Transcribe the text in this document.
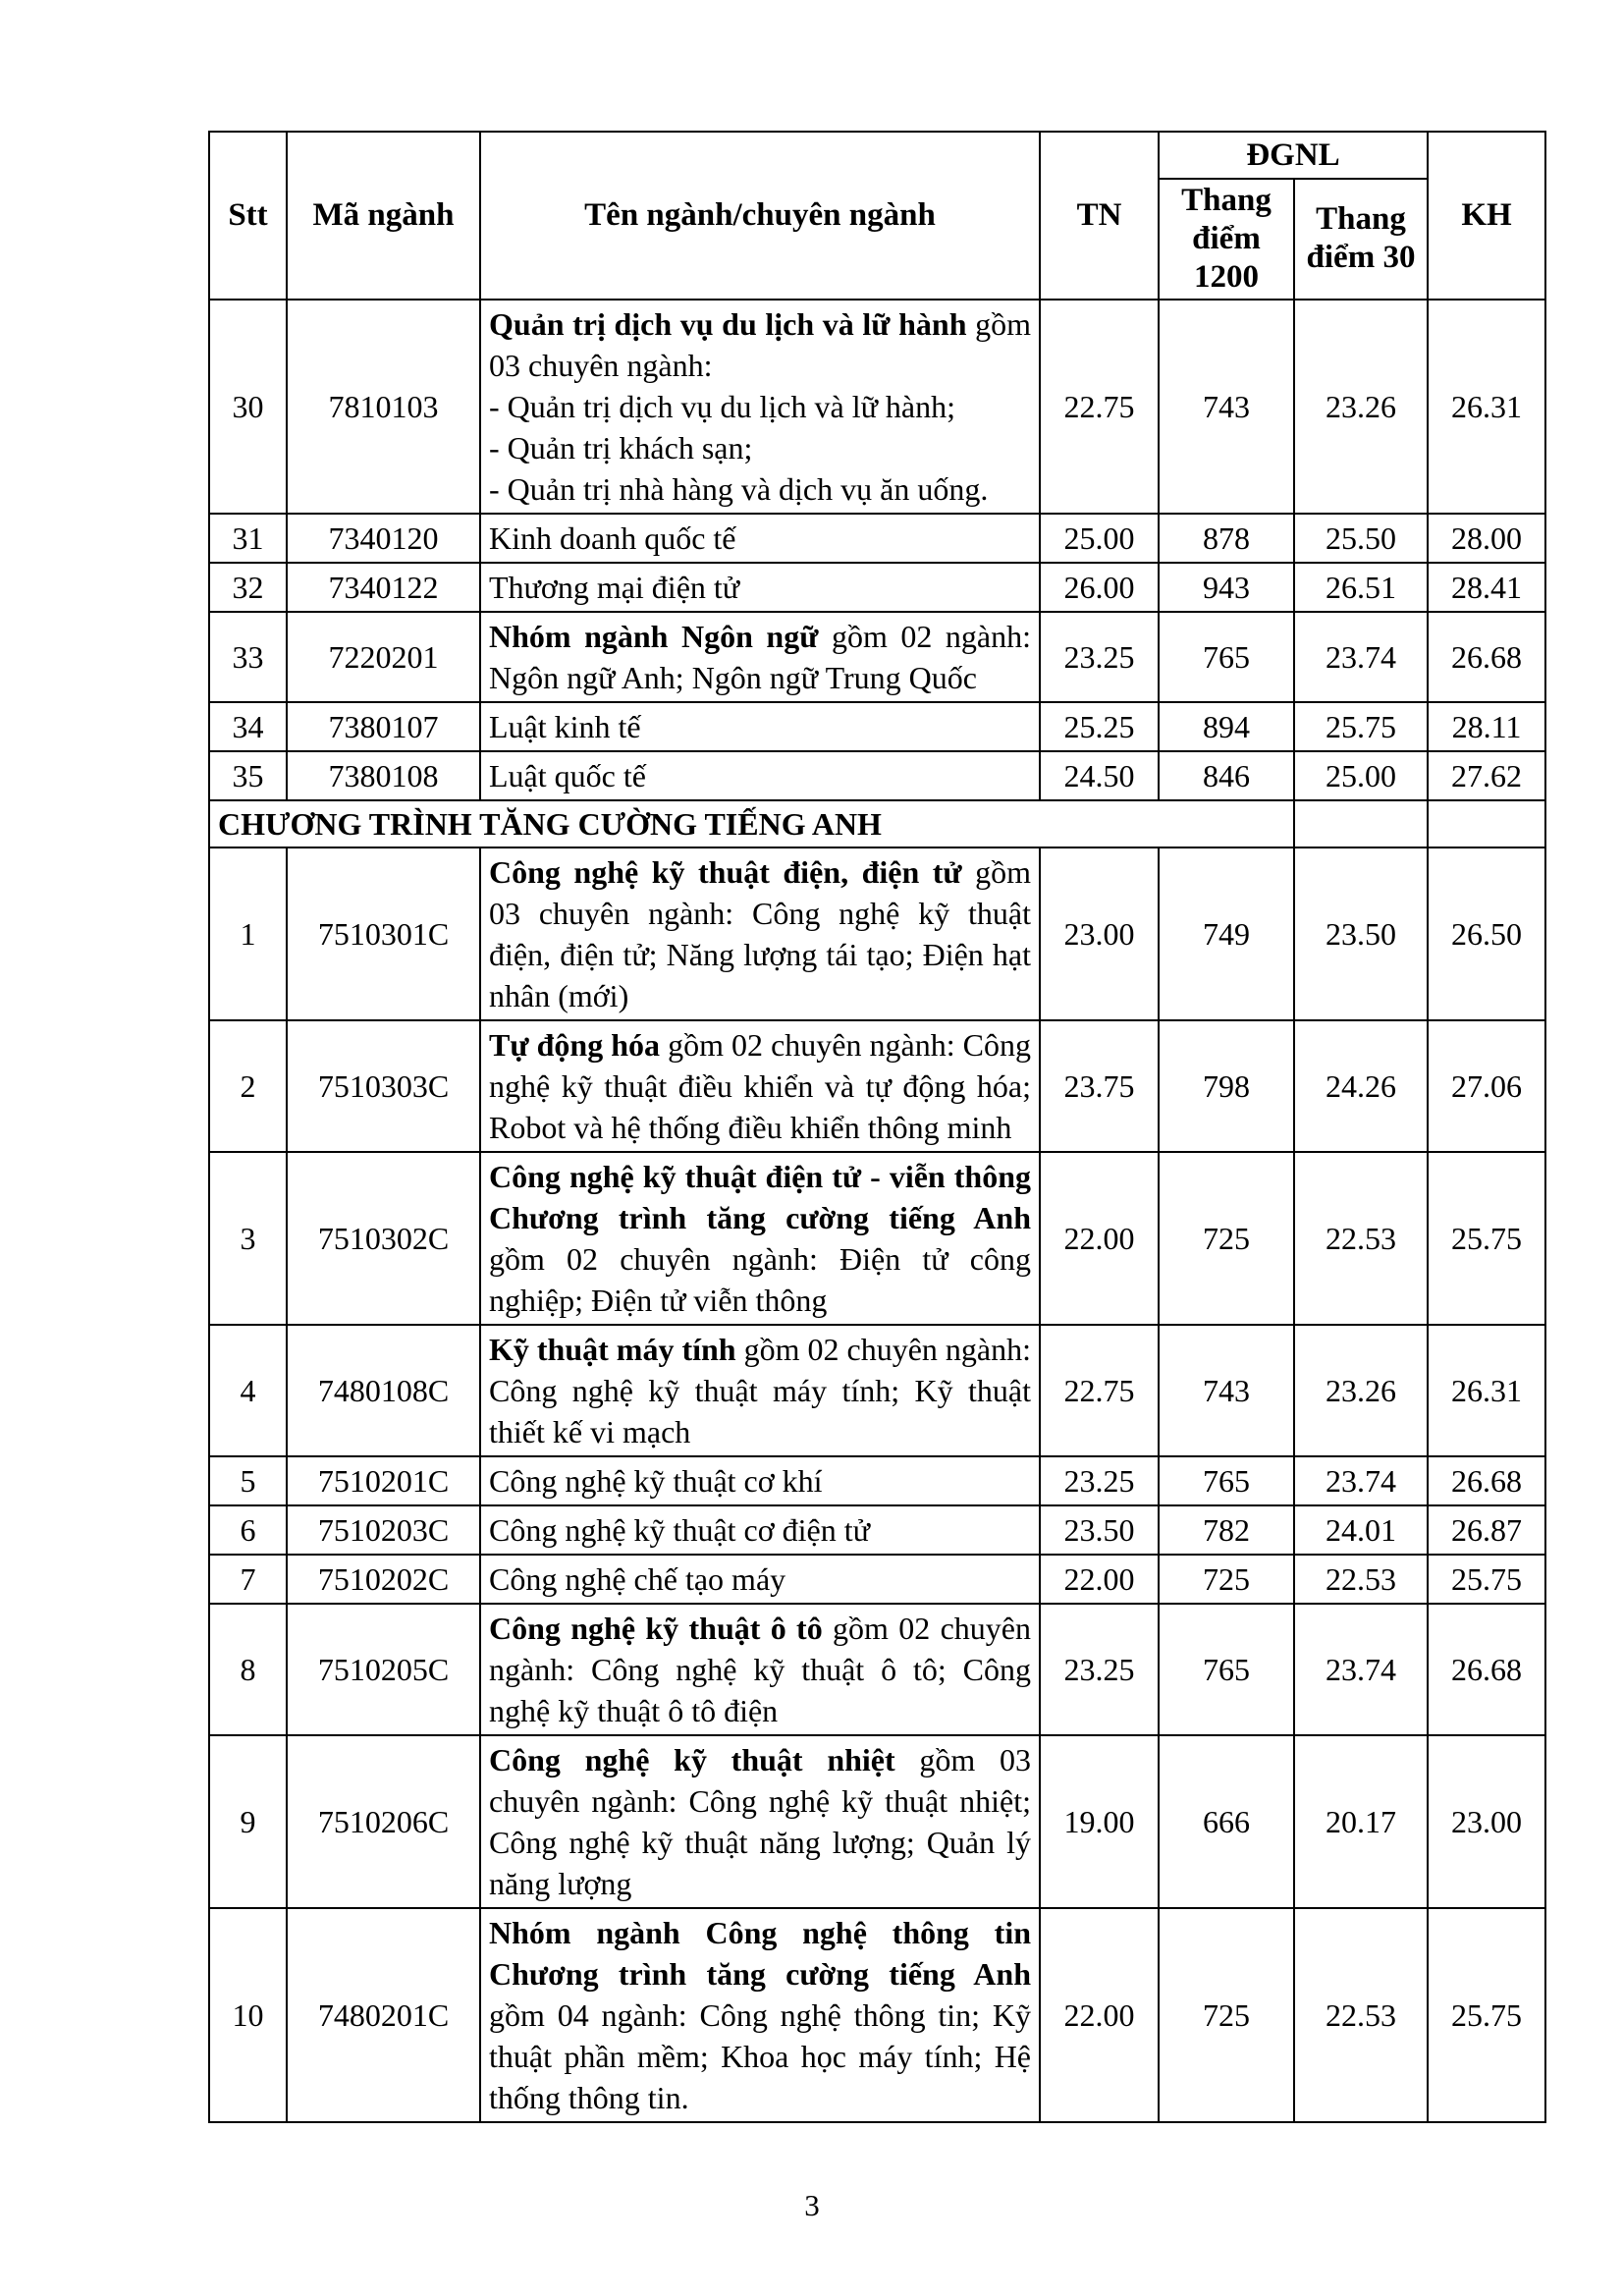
Stt	Mã ngành	Tên ngành/chuyên ngành	TN	ĐGNL		KH
				Thang điểm 1200	Thang điểm 30	
30	7810103	Quản trị dịch vụ du lịch và lữ hành gồm 03 chuyên ngành:
- Quản trị dịch vụ du lịch và lữ hành;
- Quản trị khách sạn;
- Quản trị nhà hàng và dịch vụ ăn uống.	22.75	743	23.26	26.31
31	7340120	Kinh doanh quốc tế	25.00	878	25.50	28.00
32	7340122	Thương mại điện tử	26.00	943	26.51	28.41
33	7220201	Nhóm ngành Ngôn ngữ gồm 02 ngành: Ngôn ngữ Anh; Ngôn ngữ Trung Quốc	23.25	765	23.74	26.68
34	7380107	Luật kinh tế	25.25	894	25.75	28.11
35	7380108	Luật quốc tế	24.50	846	25.00	27.62
CHƯƠNG TRÌNH TĂNG CƯỜNG TIẾNG ANH						
1	7510301C	Công nghệ kỹ thuật điện, điện tử gồm 03 chuyên ngành: Công nghệ kỹ thuật điện, điện tử; Năng lượng tái tạo; Điện hạt nhân (mới)	23.00	749	23.50	26.50
2	7510303C	Tự động hóa gồm 02 chuyên ngành: Công nghệ kỹ thuật điều khiển và tự động hóa; Robot và hệ thống điều khiển thông minh	23.75	798	24.26	27.06
3	7510302C	Công nghệ kỹ thuật điện tử - viễn thông Chương trình tăng cường tiếng Anh gồm 02 chuyên ngành: Điện tử công nghiệp; Điện tử viễn thông	22.00	725	22.53	25.75
4	7480108C	Kỹ thuật máy tính gồm 02 chuyên ngành: Công nghệ kỹ thuật máy tính; Kỹ thuật thiết kế vi mạch	22.75	743	23.26	26.31
5	7510201C	Công nghệ kỹ thuật cơ khí	23.25	765	23.74	26.68
6	7510203C	Công nghệ kỹ thuật cơ điện tử	23.50	782	24.01	26.87
7	7510202C	Công nghệ chế tạo máy	22.00	725	22.53	25.75
8	7510205C	Công nghệ kỹ thuật ô tô gồm 02 chuyên ngành: Công nghệ kỹ thuật ô tô; Công nghệ kỹ thuật ô tô điện	23.25	765	23.74	26.68
9	7510206C	Công nghệ kỹ thuật nhiệt gồm 03 chuyên ngành: Công nghệ kỹ thuật nhiệt; Công nghệ kỹ thuật năng lượng; Quản lý năng lượng	19.00	666	20.17	23.00
10	7480201C	Nhóm ngành Công nghệ thông tin Chương trình tăng cường tiếng Anh gồm 04 ngành: Công nghệ thông tin; Kỹ thuật phần mềm; Khoa học máy tính; Hệ thống thông tin.	22.00	725	22.53	25.75
3
